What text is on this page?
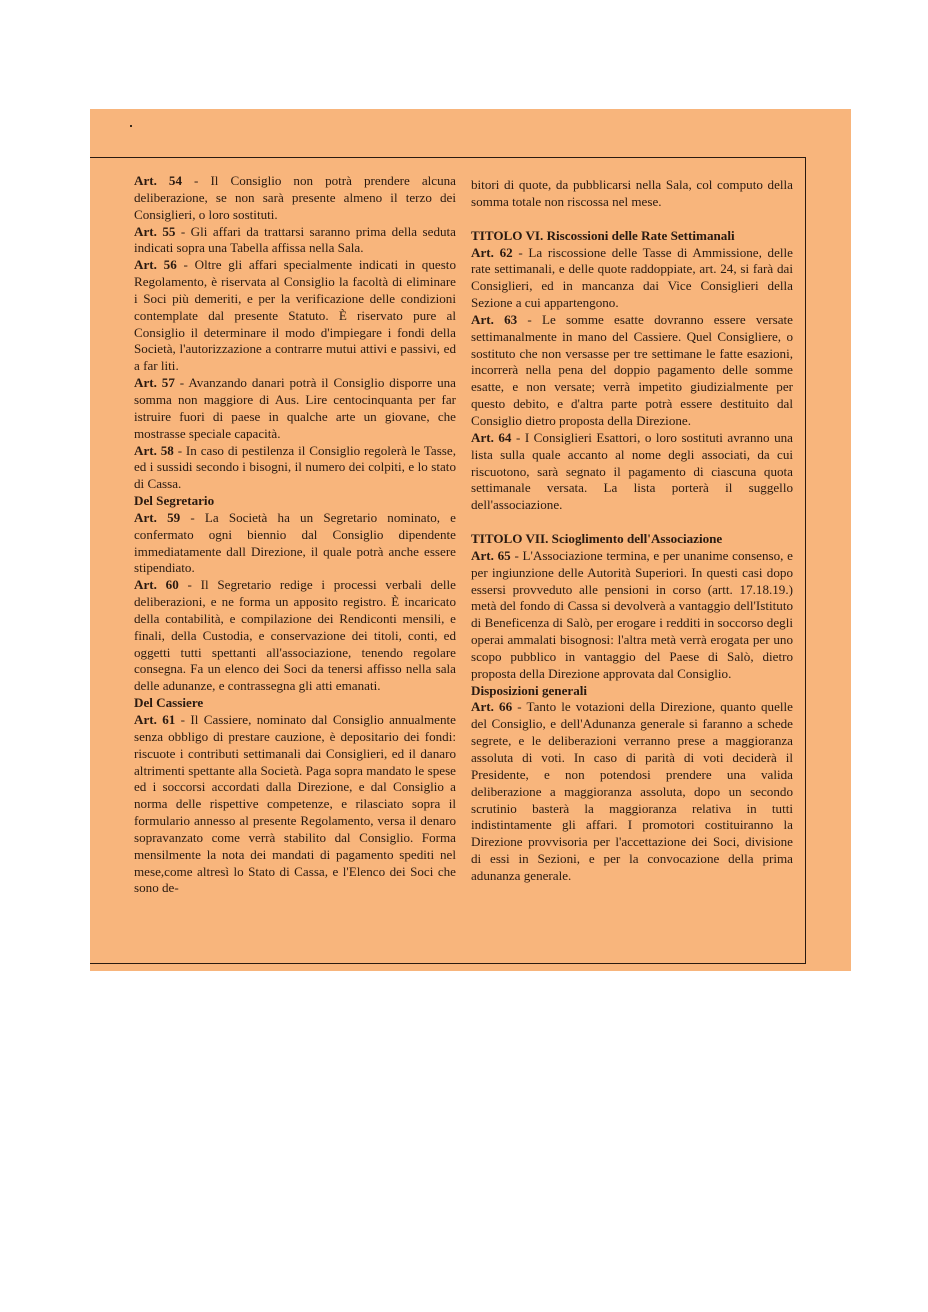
Art. 54 - Il Consiglio non potrà prendere alcuna deliberazione, se non sarà presente almeno il terzo dei Consiglieri, o loro sostituti.

Art. 55 - Gli affari da trattarsi saranno prima della seduta indicati sopra una Tabella affissa nella Sala.

Art. 56 - Oltre gli affari specialmente indicati in questo Regolamento, è riservata al Consiglio la facoltà di eliminare i Soci più demeriti, e per la verificazione delle condizioni contemplate dal presente Statuto. È riservato pure al Consiglio il determinare il modo d'impiegare i fondi della Società, l'autorizzazione a contrarre mutui attivi e passivi, ed a far liti.

Art. 57 - Avanzando danari potrà il Consiglio disporre una somma non maggiore di Aus. Lire centocinquanta per far istruire fuori di paese in qualche arte un giovane, che mostrasse speciale capacità.

Art. 58 - In caso di pestilenza il Consiglio regolerà le Tasse, ed i sussidi secondo i bisogni, il numero dei colpiti, e lo stato di Cassa.

Del Segretario

Art. 59 - La Società ha un Segretario nominato, e confermato ogni biennio dal Consiglio dipendente immediatamente dall Direzione, il quale potrà anche essere stipendiato.

Art. 60 - Il Segretario redige i processi verbali delle deliberazioni, e ne forma un apposito registro. È incaricato della contabilità, e compilazione dei Rendiconti mensili, e finali, della Custodia, e conservazione dei titoli, conti, ed oggetti tutti spettanti all'associazione, tenendo regolare consegna. Fa un elenco dei Soci da tenersi affisso nella sala delle adunanze, e contrassegna gli atti emanati.

Del Cassiere

Art. 61 - Il Cassiere, nominato dal Consiglio annualmente senza obbligo di prestare cauzione, è depositario dei fondi: riscuote i contributi settimanali dai Consiglieri, ed il danaro altrimenti spettante alla Società. Paga sopra mandato le spese ed i soccorsi accordati dalla Direzione, e dal Consiglio a norma delle rispettive competenze, e rilasciato sopra il formulario annesso al presente Regolamento, versa il denaro sopravanzato come verrà stabilito dal Consiglio. Forma mensilmente la nota dei mandati di pagamento spediti nel mese,come altresì lo Stato di Cassa, e l'Elenco dei Soci che sono de-

bitori di quote, da pubblicarsi nella Sala, col computo della somma totale non riscossa nel mese.

TITOLO VI. Riscossioni delle Rate Settimanali

Art. 62 - La riscossione delle Tasse di Ammissione, delle rate settimanali, e delle quote raddoppiate, art. 24, si farà dai Consiglieri, ed in mancanza dai Vice Consiglieri della Sezione a cui appartengono.

Art. 63 - Le somme esatte dovranno essere versate settimanalmente in mano del Cassiere. Quel Consigliere, o sostituto che non versasse per tre settimane le fatte esazioni, incorrerà nella pena del doppio pagamento delle somme esatte, e non versate; verrà impetito giudizialmente per questo debito, e d'altra parte potrà essere destituito dal Consiglio dietro proposta della Direzione.

Art. 64 - I Consiglieri Esattori, o loro sostituti avranno una lista sulla quale accanto al nome degli associati, da cui riscuotono, sarà segnato il pagamento di ciascuna quota settimanale versata. La lista porterà il suggello dell'associazione.

TITOLO VII. Scioglimento dell'Associazione

Art. 65 - L'Associazione termina, e per unanime consenso, e per ingiunzione delle Autorità Superiori. In questi casi dopo essersi provveduto alle pensioni in corso (artt. 17.18.19.) metà del fondo di Cassa si devolverà a vantaggio dell'Istituto di Beneficenza di Salò, per erogare i redditi in soccorso degli operai ammalati bisognosi: l'altra metà verrà erogata per uno scopo pubblico in vantaggio del Paese di Salò, dietro proposta della Direzione approvata dal Consiglio.

Disposizioni generali

Art. 66 - Tanto le votazioni della Direzione, quanto quelle del Consiglio, e dell'Adunanza generale si faranno a schede segrete, e le deliberazioni verranno prese a maggioranza assoluta di voti. In caso di parità di voti deciderà il Presidente, e non potendosi prendere una valida deliberazione a maggioranza assoluta, dopo un secondo scrutinio basterà la maggioranza relativa in tutti indistintamente gli affari. I promotori costituiranno la Direzione provvisoria per l'accettazione dei Soci, divisione di essi in Sezioni, e per la convocazione della prima adunanza generale.
